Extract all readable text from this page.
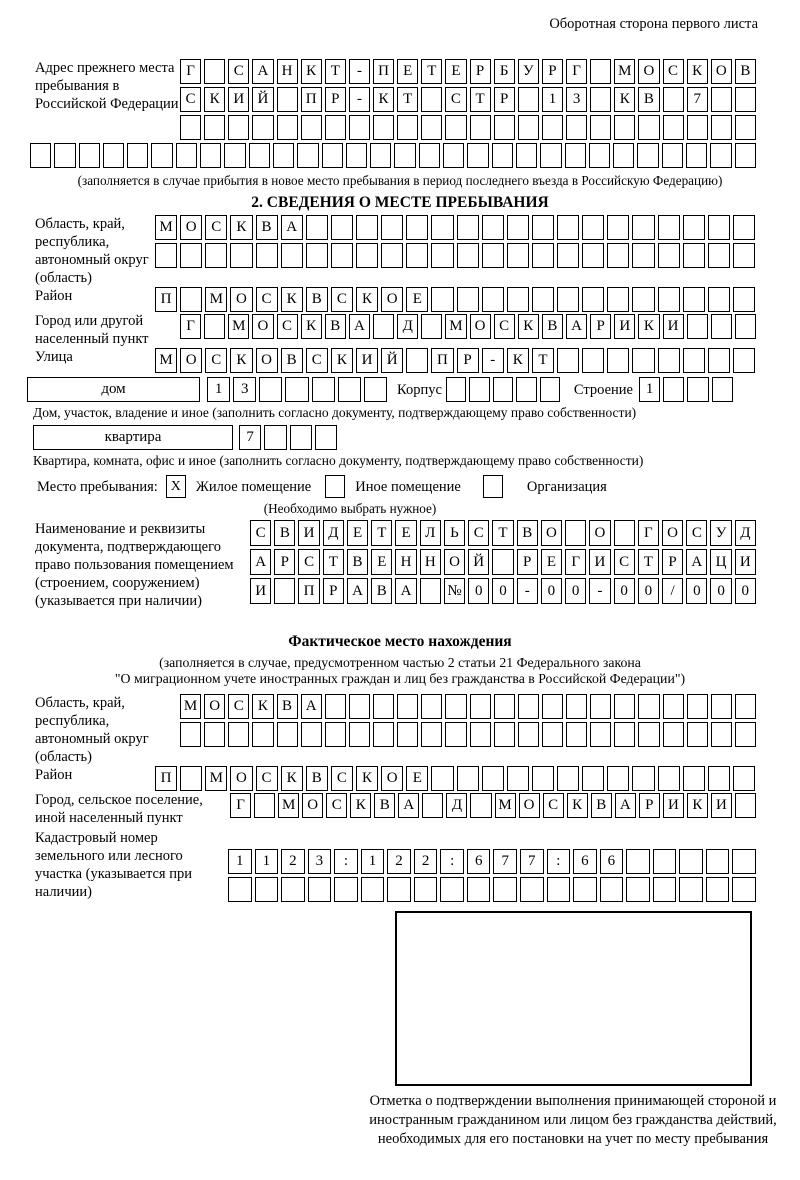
Оборотная сторона первого листа
Адрес прежнего места пребывания в Российской Федерации
Г	С А Н К Т	-	П Е Т Е	Р	Б У Р	Г	М О С К О В
С К И Й	П Р	-	К Т	С Т	Р	1	3	К В	7
(заполняется в случае прибытия в новое место пребывания в период последнего въезда в Российскую Федерацию)
2. СВЕДЕНИЯ О МЕСТЕ ПРЕБЫВАНИЯ
Область, край, республика, автономный округ (область)
М О С	К	В А
Район	П	М О С	К	В	С	К О	Е
Город или другой населенный пункт
Г	М О С К В А	Д	М О С К В А Р И К И
Улица	М О С	К О В	С	К И Й	П	Р	-	К	Т
дом	1	3	Корпус	Строение 1
Дом, участок, владение и иное (заполнить согласно документу, подтверждающему право собственности)
квартира	7
Квартира, комната, офис и иное (заполнить согласно документу, подтверждающему право собственности)
Место пребывания: X	Жилое помещение	Иное помещение	Организация
(Необходимо выбрать нужное)
Наименование и реквизиты документа, подтверждающего право пользования помещением (строением, сооружением) (указывается при наличии)
С В И Д Е	Т	Е Л Ь С Т В О	О	Г О С У Д
А Р	С Т В Е Н Н О Й	Р	Е	Г И С Т	Р А Ц И
И	П Р А В А	№ 0	0	-	0	0	-	0	0	/	0	0	0
Фактическое место нахождения
(заполняется в случае, предусмотренном частью 2 статьи 21 Федерального закона
"О миграционном учете иностранных граждан и лиц без гражданства в Российской Федерации")
Область, край, республика, автономный округ (область)
М О С К В А
Район	П	М О С	К	В	С	К О	Е
Город, сельское поселение, иной населенный пункт
Г	М О С К В А	Д	М О С К В А Р И К И
Кадастровый номер земельного или лесного участка (указывается при наличии)
1	1	2	3	:	1	2	2	:	6	7	7	:	6	6
Отметка о подтверждении выполнения принимающей стороной и иностранным гражданином или лицом без гражданства действий, необходимых для его постановки на учет по месту пребывания
